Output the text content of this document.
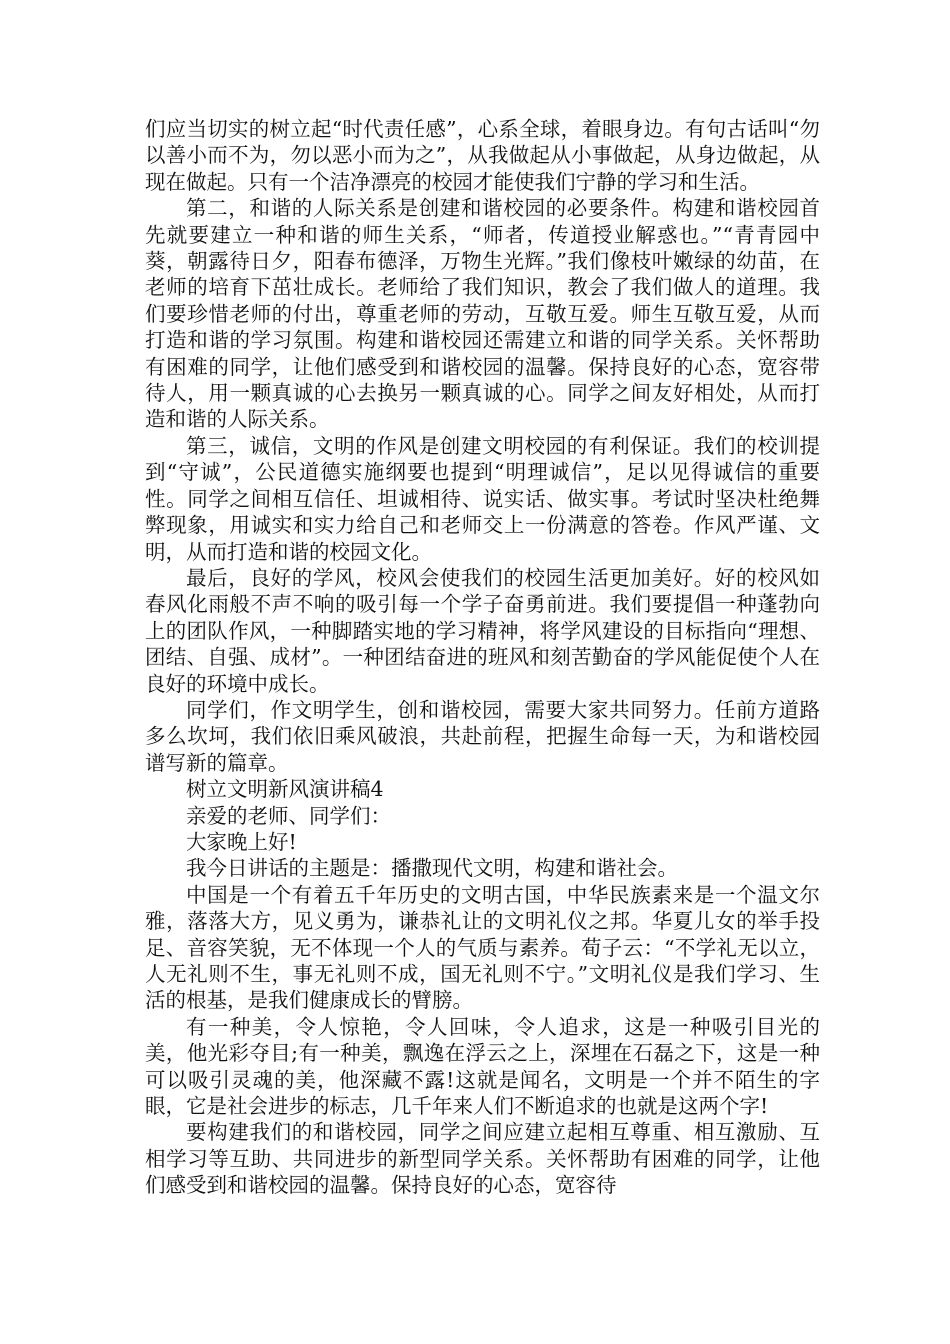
们应当切实的树立起“时代责任感”，心系全球，着眼身边。有句古话叫“勿以善小而不为，勿以恶小而为之”，从我做起从小事做起，从身边做起，从现在做起。只有一个洁净漂亮的校园才能使我们宁静的学习和生活。

第二，和谐的人际关系是创建和谐校园的必要条件。构建和谐校园首先就要建立一种和谐的师生关系，“师者，传道授业解惑也。”“青青园中葵，朝露待日夕，阳春布德泽，万物生光辉。”我们像枝叶嫩绿的幼苗，在老师的培育下茁壮成长。老师给了我们知识，教会了我们做人的道理。我们要珍惜老师的付出，尊重老师的劳动，互敬互爱。师生互敬互爱，从而打造和谐的学习氛围。构建和谐校园还需建立和谐的同学关系。关怀帮助有困难的同学，让他们感受到和谐校园的温馨。保持良好的心态，宽容带待人，用一颗真诚的心去换另一颗真诚的心。同学之间友好相处，从而打造和谐的人际关系。

第三，诚信，文明的作风是创建文明校园的有利保证。我们的校训提到“守诚”，公民道德实施纲要也提到“明理诚信”，足以见得诚信的重要性。同学之间相互信任、坦诚相待、说实话、做实事。考试时坚决杜绝舞弊现象，用诚实和实力给自己和老师交上一份满意的答卷。作风严谨、文明，从而打造和谐的校园文化。

最后，良好的学风，校风会使我们的校园生活更加美好。好的校风如春风化雨般不声不响的吸引每一个学子奋勇前进。我们要提倡一种蓬勃向上的团队作风，一种脚踏实地的学习精神，将学风建设的目标指向“理想、团结、自强、成材”。一种团结奋进的班风和刻苦勤奋的学风能促使个人在良好的环境中成长。

同学们，作文明学生，创和谐校园，需要大家共同努力。任前方道路多么坎坷，我们依旧乘风破浪，共赴前程，把握生命每一天，为和谐校园谱写新的篇章。

树立文明新风演讲稿4

亲爱的老师、同学们：

大家晚上好!

我今日讲话的主题是：播撒现代文明，构建和谐社会。

中国是一个有着五千年历史的文明古国，中华民族素来是一个温文尔雅，落落大方，见义勇为，谦恭礼让的文明礼仪之邦。华夏儿女的举手投足、音容笑貌，无不体现一个人的气质与素养。荀子云：“不学礼无以立，人无礼则不生，事无礼则不成，国无礼则不宁。”文明礼仪是我们学习、生活的根基，是我们健康成长的臂膀。

有一种美，令人惊艳，令人回味，令人追求，这是一种吸引目光的美，他光彩夺目;有一种美，飘逸在浮云之上，深埋在石磊之下，这是一种可以吸引灵魂的美，他深藏不露!这就是闻名，文明是一个并不陌生的字眼，它是社会进步的标志，几千年来人们不断追求的也就是这两个字!

要构建我们的和谐校园，同学之间应建立起相互尊重、相互激励、互相学习等互助、共同进步的新型同学关系。关怀帮助有困难的同学，让他们感受到和谐校园的温馨。保持良好的心态，宽容待
